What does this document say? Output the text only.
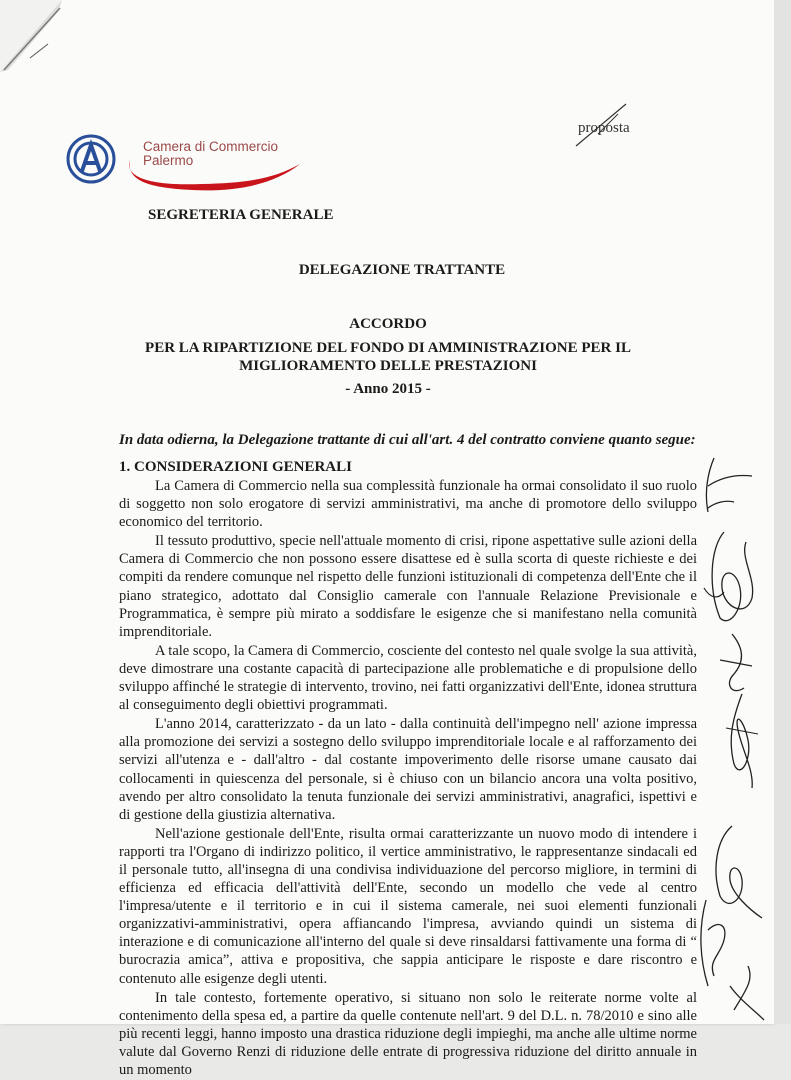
Camera di Commercio
Palermo
proposta
SEGRETERIA GENERALE
DELEGAZIONE TRATTANTE
ACCORDO
PER LA RIPARTIZIONE DEL FONDO DI AMMINISTRAZIONE PER IL
MIGLIORAMENTO DELLE PRESTAZIONI
- Anno 2015 -
In data odierna, la Delegazione trattante di cui all'art. 4 del contratto conviene quanto segue:
1. CONSIDERAZIONI GENERALI

La Camera di Commercio nella sua complessità funzionale ha ormai consolidato il suo ruolo di soggetto non solo erogatore di servizi amministrativi, ma anche di promotore dello sviluppo economico del territorio.

Il tessuto produttivo, specie nell'attuale momento di crisi, ripone aspettative sulle azioni della Camera di Commercio che non possono essere disattese ed è sulla scorta di queste richieste e dei compiti da rendere comunque nel rispetto delle funzioni istituzionali di competenza dell'Ente che il piano strategico, adottato dal Consiglio camerale con l'annuale Relazione Previsionale e Programmatica, è sempre più mirato a soddisfare le esigenze che si manifestano nella comunità imprenditoriale.

A tale scopo, la Camera di Commercio, cosciente del contesto nel quale svolge la sua attività, deve dimostrare una costante capacità di partecipazione alle problematiche e di propulsione dello sviluppo affinché le strategie di intervento, trovino, nei fatti organizzativi dell'Ente, idonea struttura al conseguimento degli obiettivi programmati.

L'anno 2014, caratterizzato - da un lato - dalla continuità dell'impegno nell' azione impressa alla promozione dei servizi a sostegno dello sviluppo imprenditoriale locale e al rafforzamento dei servizi all'utenza e - dall'altro - dal costante impoverimento delle risorse umane causato dai collocamenti in quiescenza del personale, si è chiuso con un bilancio ancora una volta positivo, avendo per altro consolidato la tenuta funzionale dei servizi amministrativi, anagrafici, ispettivi e di gestione della giustizia alternativa.

Nell'azione gestionale dell'Ente, risulta ormai caratterizzante un nuovo modo di intendere i rapporti tra l'Organo di indirizzo politico, il vertice amministrativo, le rappresentanze sindacali ed il personale tutto, all'insegna di una condivisa individuazione del percorso migliore, in termini di efficienza ed efficacia dell'attività dell'Ente, secondo un modello che vede al centro l'impresa/utente e il territorio e in cui il sistema camerale, nei suoi elementi funzionali organizzativi-amministrativi, opera affiancando l'impresa, avviando quindi un sistema di interazione e di comunicazione all'interno del quale si deve rinsaldarsi fattivamente una forma di “ burocrazia amica”, attiva e propositiva, che sappia anticipare le risposte e dare riscontro e contenuto alle esigenze degli utenti.

In tale contesto, fortemente operativo, si situano non solo le reiterate norme volte al contenimento della spesa ed, a partire da quelle contenute nell'art. 9 del D.L. n. 78/2010 e sino alle più recenti leggi, hanno imposto una drastica riduzione degli impieghi, ma anche alle ultime norme valute dal Governo Renzi di riduzione delle entrate di progressiva riduzione del diritto annuale in un momento
